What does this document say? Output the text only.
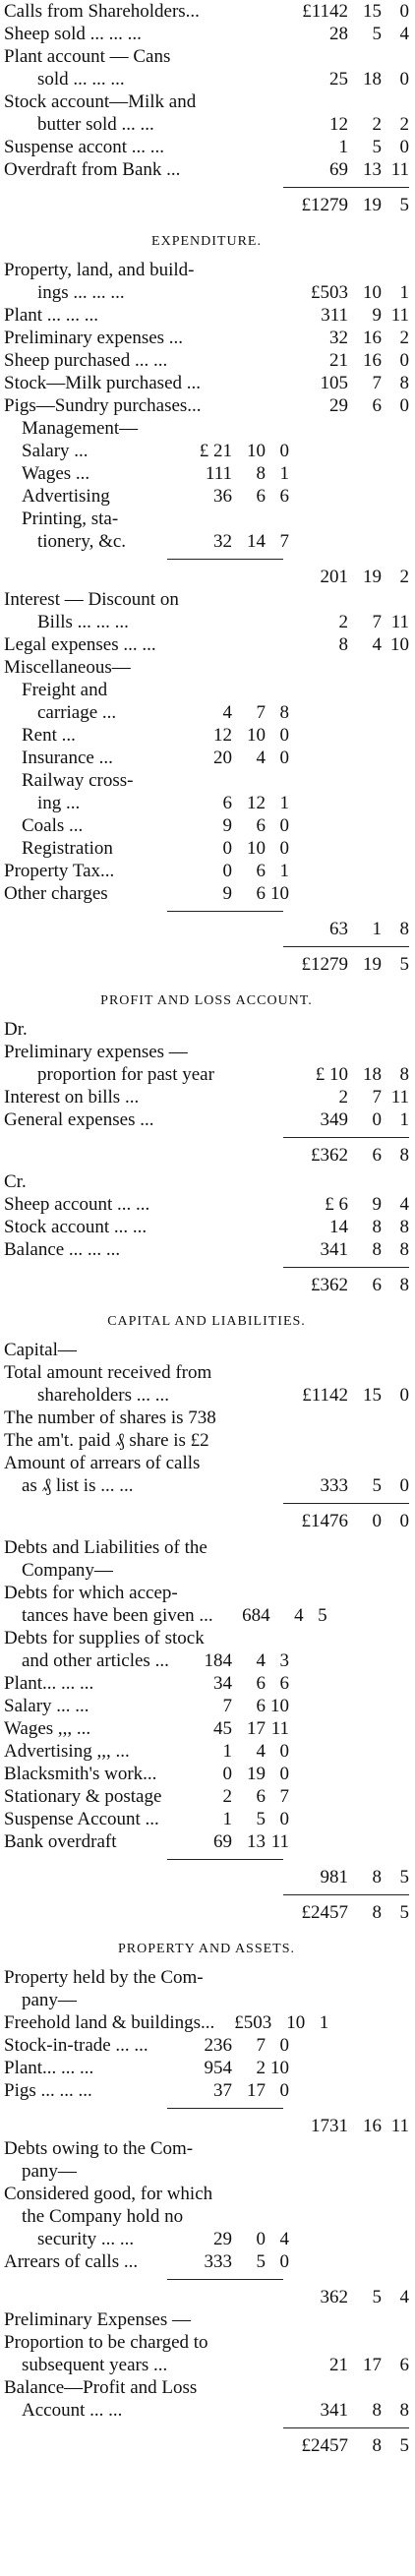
Calls from Shareholders...	£1142 15 0
Sheep sold ... ... ...	28	5 4
Plant account — Cans
sold ... ... ...	25 18 0
Stock account—Milk and
butter sold ... ...	12	2 2
Suspense accont ... ...	1	5 0
Overdraft from Bank ...	69 13 11
£1279 19 5
EXPENDITURE.
Property, land, and build-
ings ... ... ...	£503 10 1
Plant ... ... ...	311	9 11
Preliminary expenses ...	32 16 2
Sheep purchased ... ...	21 16 0
Stock—Milk purchased ...	105	7 8
Pigs—Sundry purchases...	29	6 0
Management—
Salary ...	£ 21 10 0
Wages ...	111	8 1
Advertising	36	6 6
Printing, sta-
tionery, &c.	32 14 7
201 19 2
Interest — Discount on
Bills ... ... ...	2	7 11
Legal expenses ... ...	8	4 10
Miscellaneous—
Freight and
carriage ...	4	7 8
Rent ...	12 10 0
Insurance ...	20	4 0
Railway cross-
ing ...	6 12 1
Coals ...	9	6 0
Registration	0 10 0
Property Tax...	0	6 1
Other charges	9	6 10
63	1 8
£1279 19 5
PROFIT AND LOSS ACCOUNT.
Dr.
Preliminary expenses —
proportion for past year	£ 10 18 8
Interest on bills ...	2	7 11
General expenses ...	349	0 1
£362	6 8
Cr.
Sheep account ... ...	£ 6	9 4
Stock account ... ...	14	8 8
Balance ... ... ...	341	8 8
£362	6 8
CAPITAL AND LIABILITIES.
Capital—
Total amount received from
shareholders ... ...	£1142 15 0
The number of shares is 738
The am't. paid ₰ share is £2
Amount of arrears of calls
as ₰ list is ... ...	333	5 0
£1476	0 0
Debts and Liabilities of the
Company—
Debts for which accep-
tances have been given ...	684	4 5
Debts for supplies of stock
and other articles ...	184	4 3
Plant... ... ...	34	6 6
Salary ... ...	7	6 10
Wages ,,, ...	45 17 11
Advertising ,,, ...	1	4 0
Blacksmith's work...	0 19 0
Stationary & postage	2	6 7
Suspense Account ...	1	5 0
Bank overdraft	69 13 11
981	8 5
£2457	8 5
PROPERTY AND ASSETS.
Property held by the Com-
pany—
Freehold land & buildings...	£503 10 1
Stock-in-trade ... ...	236	7 0
Plant... ... ...	954	2 10
Pigs ... ... ...	37 17 0
1731 16 11
Debts owing to the Com-
pany—
Considered good, for which
the Company hold no
security ... ...	29	0 4
Arrears of calls ...	333	5 0
362	5 4
Preliminary Expenses —
Proportion to be charged to
subsequent years ...	21 17 6
Balance—Profit and Loss
Account ... ...	341	8 8
£2457	8 5
